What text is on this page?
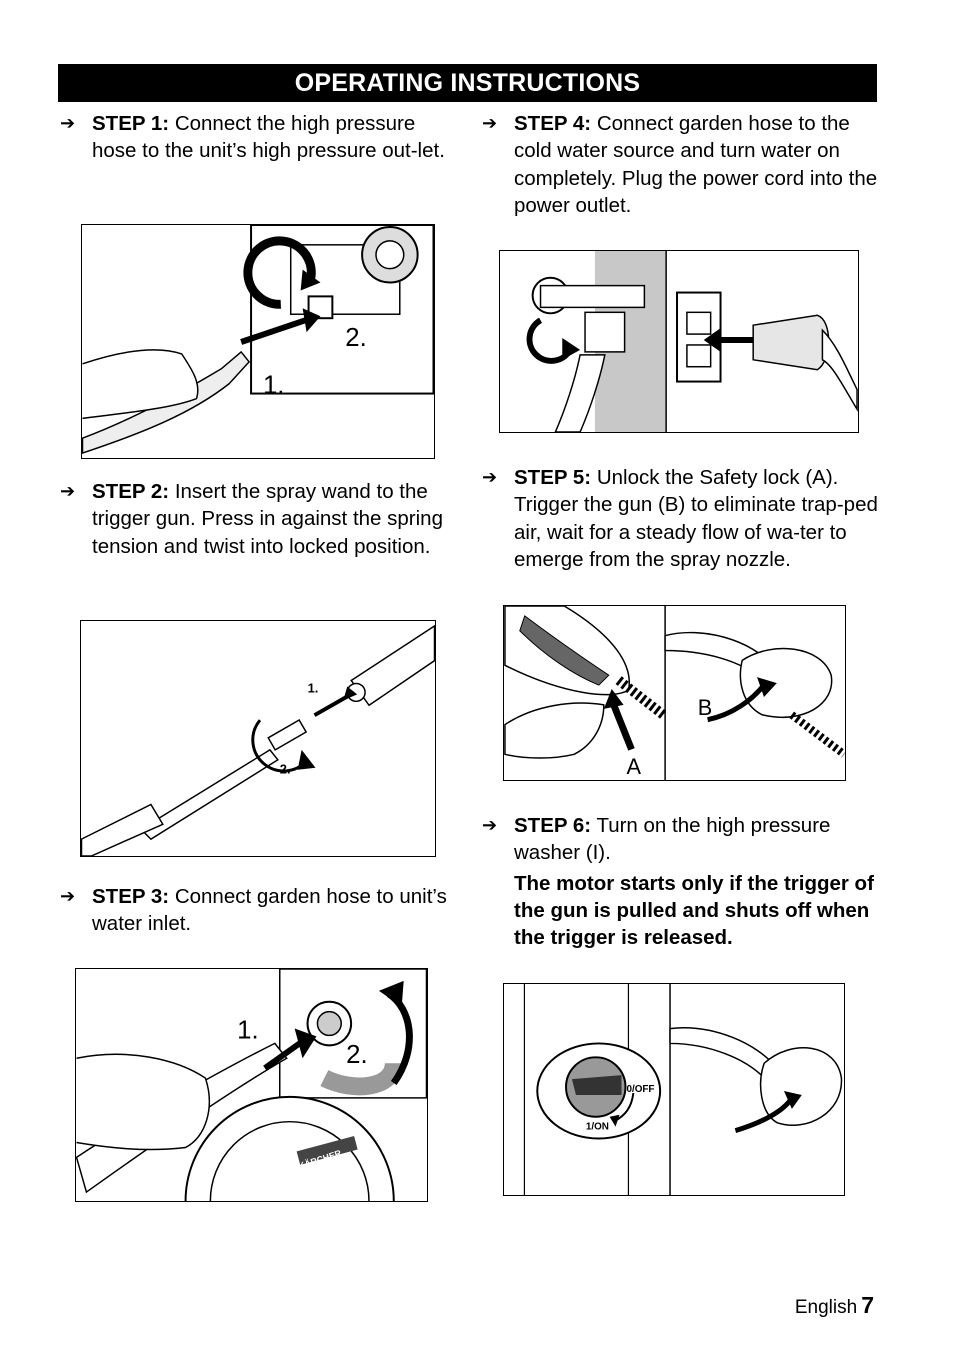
OPERATING INSTRUCTIONS
➔ STEP 1: Connect the high pressure hose to the unit’s high pressure out-let.
2.
1.
➔ STEP 2: Insert the spray wand to the trigger gun. Press in against the spring tension and twist into locked position.
1.
2.
➔ STEP 3: Connect garden hose to unit’s water inlet.
1.
2.
KÄRCHER
➔ STEP 4: Connect garden hose to the cold water source and turn water on completely. Plug the power cord into the power outlet.
➔ STEP 5: Unlock the Safety lock (A). Trigger the gun (B) to eliminate trap-ped air, wait for a steady flow of wa-ter to emerge from the spray nozzle.
A
B
➔ STEP 6: Turn on the high pressure washer (I).
The motor starts only if the trigger of the gun is pulled and shuts off when the trigger is released.
0/OFF
1/ON
English 7
